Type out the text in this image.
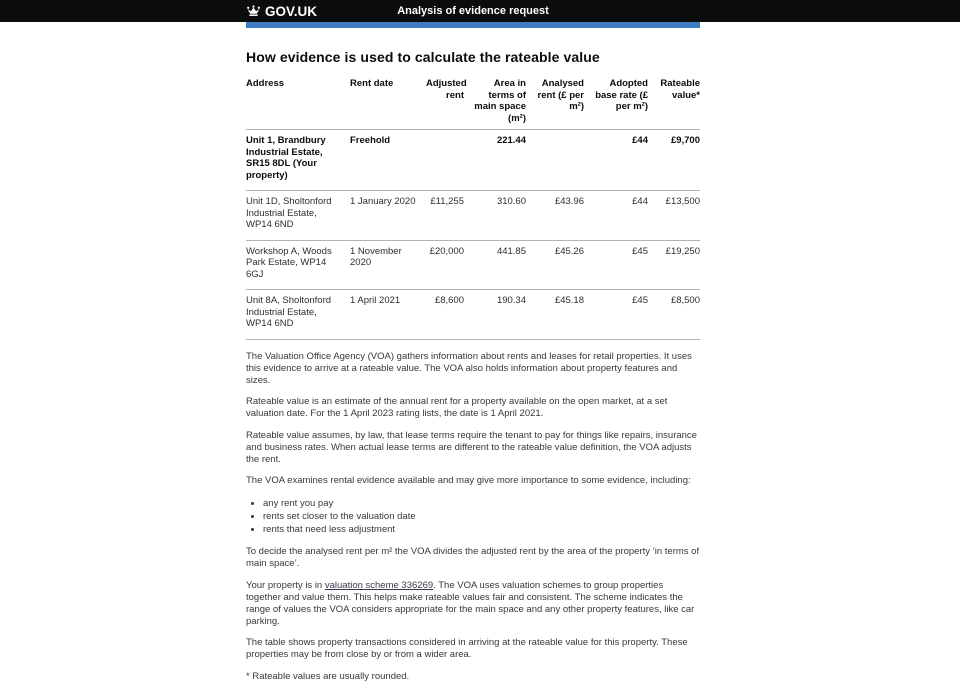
GOV.UK	Analysis of evidence request
How evidence is used to calculate the rateable value
Address	Rent date	Adjusted rent	Area in terms of main space (m²)	Analysed rent (£ per m²)	Adopted base rate (£ per m²)	Rateable value*
Unit 1, Brandbury Industrial Estate, SR15 8DL (Your property)	Freehold		221.44		£44	£9,700
Unit 1D, Sholtonford Industrial Estate, WP14 6ND	1 January 2020	£11,255	310.60	£43.96	£44	£13,500
Workshop A, Woods Park Estate, WP14 6GJ	1 November 2020	£20,000	441.85	£45.26	£45	£19,250
Unit 8A, Sholtonford Industrial Estate, WP14 6ND	1 April 2021	£8,600	190.34	£45.18	£45	£8,500

The Valuation Office Agency (VOA) gathers information about rents and leases for retail properties. It uses this evidence to arrive at a rateable value. The VOA also holds information about property features and sizes.

Rateable value is an estimate of the annual rent for a property available on the open market, at a set valuation date. For the 1 April 2023 rating lists, the date is 1 April 2021.

Rateable value assumes, by law, that lease terms require the tenant to pay for things like repairs, insurance and business rates. When actual lease terms are different to the rateable value definition, the VOA adjusts the rent.

The VOA examines rental evidence available and may give more importance to some evidence, including:

• any rent you pay
• rents set closer to the valuation date
• rents that need less adjustment

To decide the analysed rent per m² the VOA divides the adjusted rent by the area of the property ‘in terms of main space’.

Your property is in valuation scheme 336269. The VOA uses valuation schemes to group properties together and value them. This helps make rateable values fair and consistent. The scheme indicates the range of values the VOA considers appropriate for the main space and any other property features, like car parking.

The table shows property transactions considered in arriving at the rateable value for this property. These properties may be from close by or from a wider area.

* Rateable values are usually rounded.
